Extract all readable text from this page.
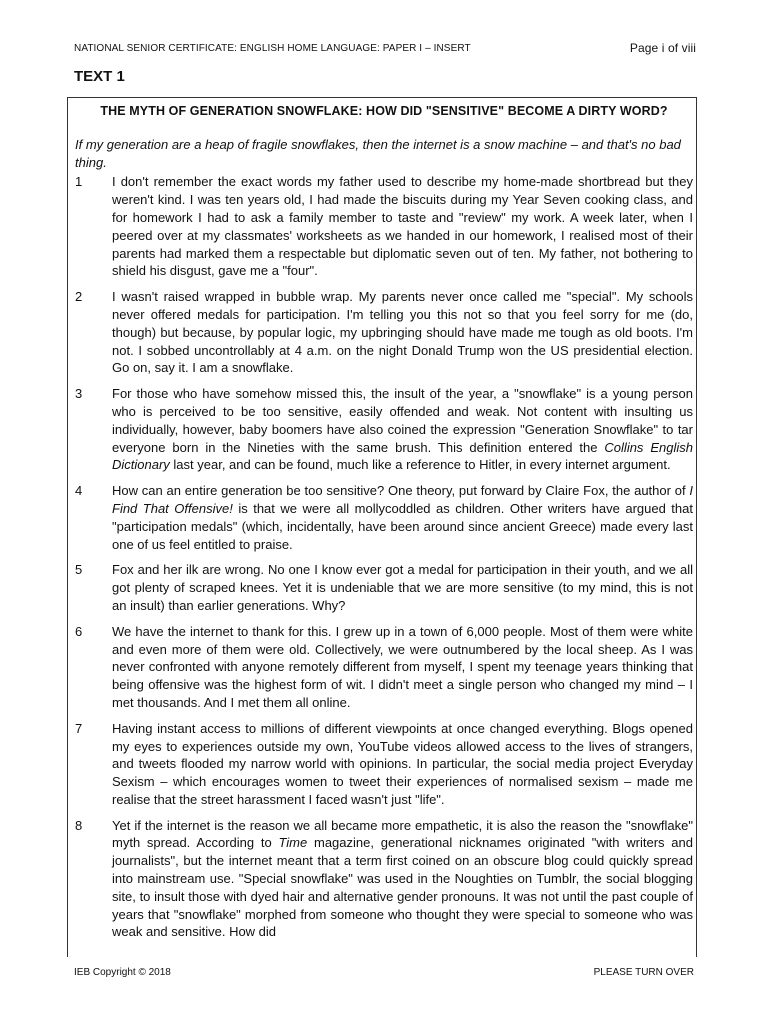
NATIONAL SENIOR CERTIFICATE: ENGLISH HOME LANGUAGE: PAPER I – INSERT	Page i of viii
TEXT 1
THE MYTH OF GENERATION SNOWFLAKE: HOW DID "SENSITIVE" BECOME A DIRTY WORD?
If my generation are a heap of fragile snowflakes, then the internet is a snow machine – and that's no bad thing.
1	I don't remember the exact words my father used to describe my home-made shortbread but they weren't kind. I was ten years old, I had made the biscuits during my Year Seven cooking class, and for homework I had to ask a family member to taste and "review" my work. A week later, when I peered over at my classmates' worksheets as we handed in our homework, I realised most of their parents had marked them a respectable but diplomatic seven out of ten. My father, not bothering to shield his disgust, gave me a "four".
2	I wasn't raised wrapped in bubble wrap. My parents never once called me "special". My schools never offered medals for participation. I'm telling you this not so that you feel sorry for me (do, though) but because, by popular logic, my upbringing should have made me tough as old boots. I'm not. I sobbed uncontrollably at 4 a.m. on the night Donald Trump won the US presidential election. Go on, say it. I am a snowflake.
3	For those who have somehow missed this, the insult of the year, a "snowflake" is a young person who is perceived to be too sensitive, easily offended and weak. Not content with insulting us individually, however, baby boomers have also coined the expression "Generation Snowflake" to tar everyone born in the Nineties with the same brush. This definition entered the Collins English Dictionary last year, and can be found, much like a reference to Hitler, in every internet argument.
4	How can an entire generation be too sensitive? One theory, put forward by Claire Fox, the author of I Find That Offensive! is that we were all mollycoddled as children. Other writers have argued that "participation medals" (which, incidentally, have been around since ancient Greece) made every last one of us feel entitled to praise.
5	Fox and her ilk are wrong. No one I know ever got a medal for participation in their youth, and we all got plenty of scraped knees. Yet it is undeniable that we are more sensitive (to my mind, this is not an insult) than earlier generations. Why?
6	We have the internet to thank for this. I grew up in a town of 6,000 people. Most of them were white and even more of them were old. Collectively, we were outnumbered by the local sheep. As I was never confronted with anyone remotely different from myself, I spent my teenage years thinking that being offensive was the highest form of wit. I didn't meet a single person who changed my mind – I met thousands. And I met them all online.
7	Having instant access to millions of different viewpoints at once changed everything. Blogs opened my eyes to experiences outside my own, YouTube videos allowed access to the lives of strangers, and tweets flooded my narrow world with opinions. In particular, the social media project Everyday Sexism – which encourages women to tweet their experiences of normalised sexism – made me realise that the street harassment I faced wasn't just "life".
8	Yet if the internet is the reason we all became more empathetic, it is also the reason the "snowflake" myth spread. According to Time magazine, generational nicknames originated "with writers and journalists", but the internet meant that a term first coined on an obscure blog could quickly spread into mainstream use. "Special snowflake" was used in the Noughties on Tumblr, the social blogging site, to insult those with dyed hair and alternative gender pronouns. It was not until the past couple of years that "snowflake" morphed from someone who thought they were special to someone who was weak and sensitive. How did
IEB Copyright © 2018	PLEASE TURN OVER
